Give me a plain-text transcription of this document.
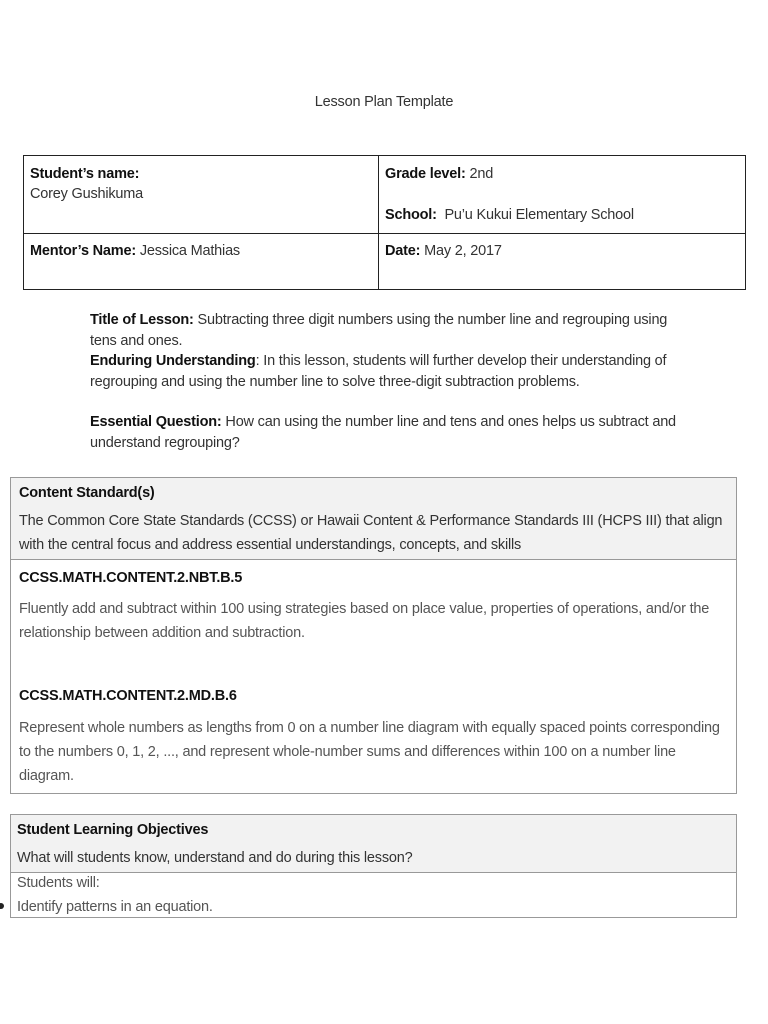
Lesson Plan Template
Student’s name:
Corey Gushikuma
Grade level: 2nd
School: Pu’u Kukui Elementary School
Mentor’s Name: Jessica Mathias	Date: May 2, 2017

Title of Lesson: Subtracting three digit numbers using the number line and regrouping using tens and ones.

Enduring Understanding: In this lesson, students will further develop their understanding of regrouping and using the number line to solve three-digit subtraction problems.

Essential Question: How can using the number line and tens and ones helps us subtract and understand regrouping?

Content Standard(s)
The Common Core State Standards (CCSS) or Hawaii Content & Performance Standards III (HCPS III) that align with the central focus and address essential understandings, concepts, and skills
CCSS.MATH.CONTENT.2.NBT.B.5
Fluently add and subtract within 100 using strategies based on place value, properties of operations, and/or the relationship between addition and subtraction.
CCSS.MATH.CONTENT.2.MD.B.6
Represent whole numbers as lengths from 0 on a number line diagram with equally spaced points corresponding to the numbers 0, 1, 2, ..., and represent whole-number sums and differences within 100 on a number line diagram.
Student Learning Objectives
What will students know, understand and do during this lesson?
Students will:
Identify patterns in an equation.
